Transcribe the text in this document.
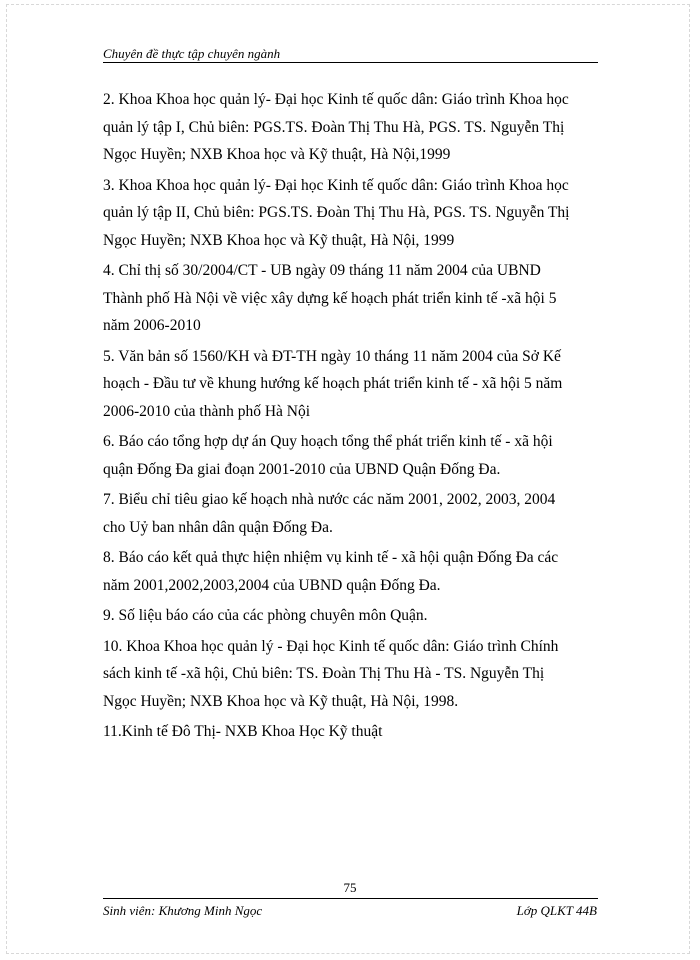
Chuyên đề thực tập chuyên ngành
2. Khoa Khoa học quản lý- Đại học Kinh tế quốc dân: Giáo trình Khoa học
quản lý tập I, Chủ biên: PGS.TS. Đoàn Thị Thu Hà, PGS. TS. Nguyễn Thị
Ngọc Huyền; NXB Khoa học và Kỹ thuật, Hà Nội,1999
3. Khoa Khoa học quản lý- Đại học Kinh tế quốc dân: Giáo trình Khoa học
quản lý tập II, Chủ biên: PGS.TS. Đoàn Thị Thu Hà, PGS. TS. Nguyễn Thị
Ngọc Huyền; NXB Khoa học và Kỹ thuật, Hà Nội, 1999
4. Chỉ thị số 30/2004/CT - UB ngày 09 tháng 11 năm 2004 của UBND
Thành phố Hà Nội về việc xây dựng kế hoạch phát triển kinh tế -xã hội 5
năm 2006-2010
5. Văn bản số 1560/KH và ĐT-TH ngày 10 tháng 11 năm 2004 của Sở Kế
hoạch - Đầu tư về khung hướng kế hoạch phát triển kinh tế - xã hội 5 năm
2006-2010 của thành phố Hà Nội
6. Báo cáo tổng hợp dự án Quy hoạch tổng thể phát triển kinh tế - xã hội
quận Đống Đa giai đoạn 2001-2010 của UBND Quận Đống Đa.
7. Biểu chỉ tiêu giao kế hoạch nhà nước các năm 2001, 2002, 2003, 2004
cho Uỷ ban nhân dân quận Đống Đa.
8. Báo cáo kết quả thực hiện nhiệm vụ kinh tế - xã hội quận Đống Đa các
năm 2001,2002,2003,2004 của UBND quận Đống Đa.
9. Số liệu báo cáo của các phòng chuyên môn Quận.
10. Khoa Khoa học quản lý - Đại học Kinh tế quốc dân: Giáo trình Chính
sách kinh tế -xã hội, Chủ biên: TS. Đoàn Thị Thu Hà - TS. Nguyễn Thị
Ngọc Huyền; NXB Khoa học và Kỹ thuật, Hà Nội, 1998.
11.Kinh tế Đô Thị- NXB Khoa Học Kỹ thuật
75
Sinh viên: Khương Minh Ngọc	Lớp QLKT 44B
